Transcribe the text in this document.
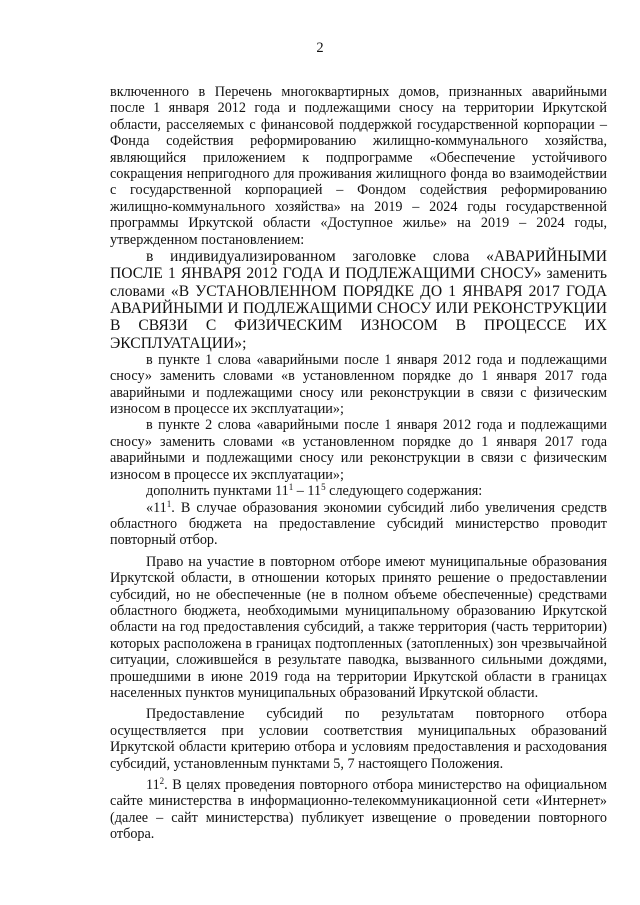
2

включенного в Перечень многоквартирных домов, признанных аварийными после 1 января 2012 года и подлежащими сносу на территории Иркутской области, расселяемых с финансовой поддержкой государственной корпорации – Фонда содействия реформированию жилищно-коммунального хозяйства, являющийся приложением к подпрограмме «Обеспечение устойчивого сокращения непригодного для проживания жилищного фонда во взаимодействии с государственной корпорацией – Фондом содействия реформированию жилищно-коммунального хозяйства» на 2019 – 2024 годы государственной программы Иркутской области «Доступное жилье» на 2019 – 2024 годы, утвержденном постановлением:

в индивидуализированном заголовке слова «АВАРИЙНЫМИ ПОСЛЕ 1 ЯНВАРЯ 2012 ГОДА И ПОДЛЕЖАЩИМИ СНОСУ» заменить словами «В УСТАНОВЛЕННОМ ПОРЯДКЕ ДО 1 ЯНВАРЯ 2017 ГОДА АВАРИЙНЫМИ И ПОДЛЕЖАЩИМИ СНОСУ ИЛИ РЕКОНСТРУКЦИИ В СВЯЗИ С ФИЗИЧЕСКИМ ИЗНОСОМ В ПРОЦЕССЕ ИХ ЭКСПЛУАТАЦИИ»;

в пункте 1 слова «аварийными после 1 января 2012 года и подлежащими сносу» заменить словами «в установленном порядке до 1 января 2017 года аварийными и подлежащими сносу или реконструкции в связи с физическим износом в процессе их эксплуатации»;

в пункте 2 слова «аварийными после 1 января 2012 года и подлежащими сносу» заменить словами «в установленном порядке до 1 января 2017 года аварийными и подлежащими сносу или реконструкции в связи с физическим износом в процессе их эксплуатации»;

дополнить пунктами $11^1 - 11^5$ следующего содержания:

«$11^1$. В случае образования экономии субсидий либо увеличения средств областного бюджета на предоставление субсидий министерство проводит повторный отбор.

Право на участие в повторном отборе имеют муниципальные образования Иркутской области, в отношении которых принято решение о предоставлении субсидий, но не обеспеченные (не в полном объеме обеспеченные) средствами областного бюджета, необходимыми муниципальному образованию Иркутской области на год предоставления субсидий, а также территория (часть территории) которых расположена в границах подтопленных (затопленных) зон чрезвычайной ситуации, сложившейся в результате паводка, вызванного сильными дождями, прошедшими в июне 2019 года на территории Иркутской области в границах населенных пунктов муниципальных образований Иркутской области.

Предоставление субсидий по результатам повторного отбора осуществляется при условии соответствия муниципальных образований Иркутской области критерию отбора и условиям предоставления и расходования субсидий, установленным пунктами 5, 7 настоящего Положения.

$11^2$. В целях проведения повторного отбора министерство на официальном сайте министерства в информационно-телекоммуникационной сети «Интернет» (далее – сайт министерства) публикует извещение о проведении повторного отбора.
